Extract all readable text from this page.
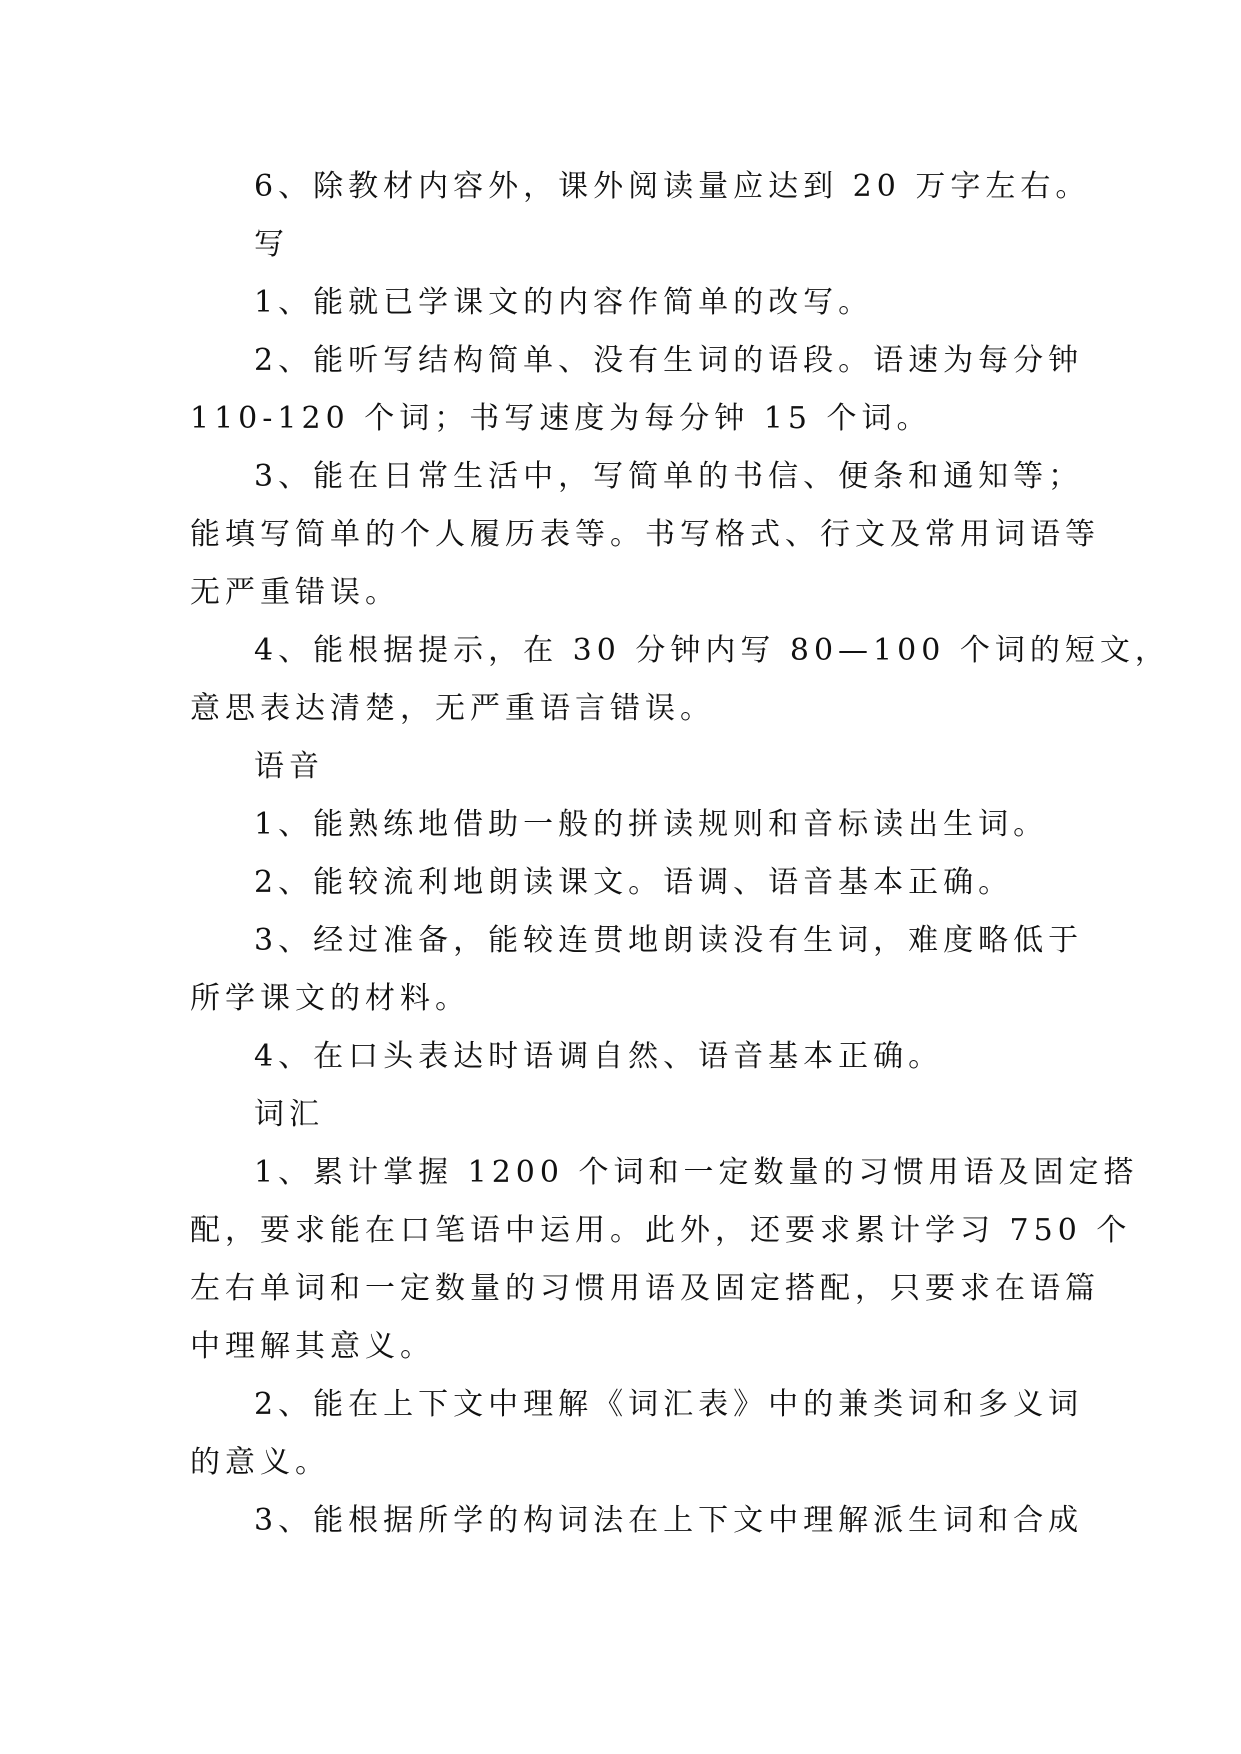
6、除教材内容外，课外阅读量应达到 20 万字左右。

写

1、能就已学课文的内容作简单的改写。

2、能听写结构简单、没有生词的语段。语速为每分钟

110-120 个词；书写速度为每分钟 15 个词。

3、能在日常生活中，写简单的书信、便条和通知等；

能填写简单的个人履历表等。书写格式、行文及常用词语等

无严重错误。

4、能根据提示，在 30 分钟内写 80—100 个词的短文，

意思表达清楚，无严重语言错误。

语音

1、能熟练地借助一般的拼读规则和音标读出生词。

2、能较流利地朗读课文。语调、语音基本正确。

3、经过准备，能较连贯地朗读没有生词，难度略低于

所学课文的材料。

4、在口头表达时语调自然、语音基本正确。

词汇

1、累计掌握 1200 个词和一定数量的习惯用语及固定搭

配，要求能在口笔语中运用。此外，还要求累计学习 750 个

左右单词和一定数量的习惯用语及固定搭配，只要求在语篇

中理解其意义。

2、能在上下文中理解《词汇表》中的兼类词和多义词

的意义。

3、能根据所学的构词法在上下文中理解派生词和合成
